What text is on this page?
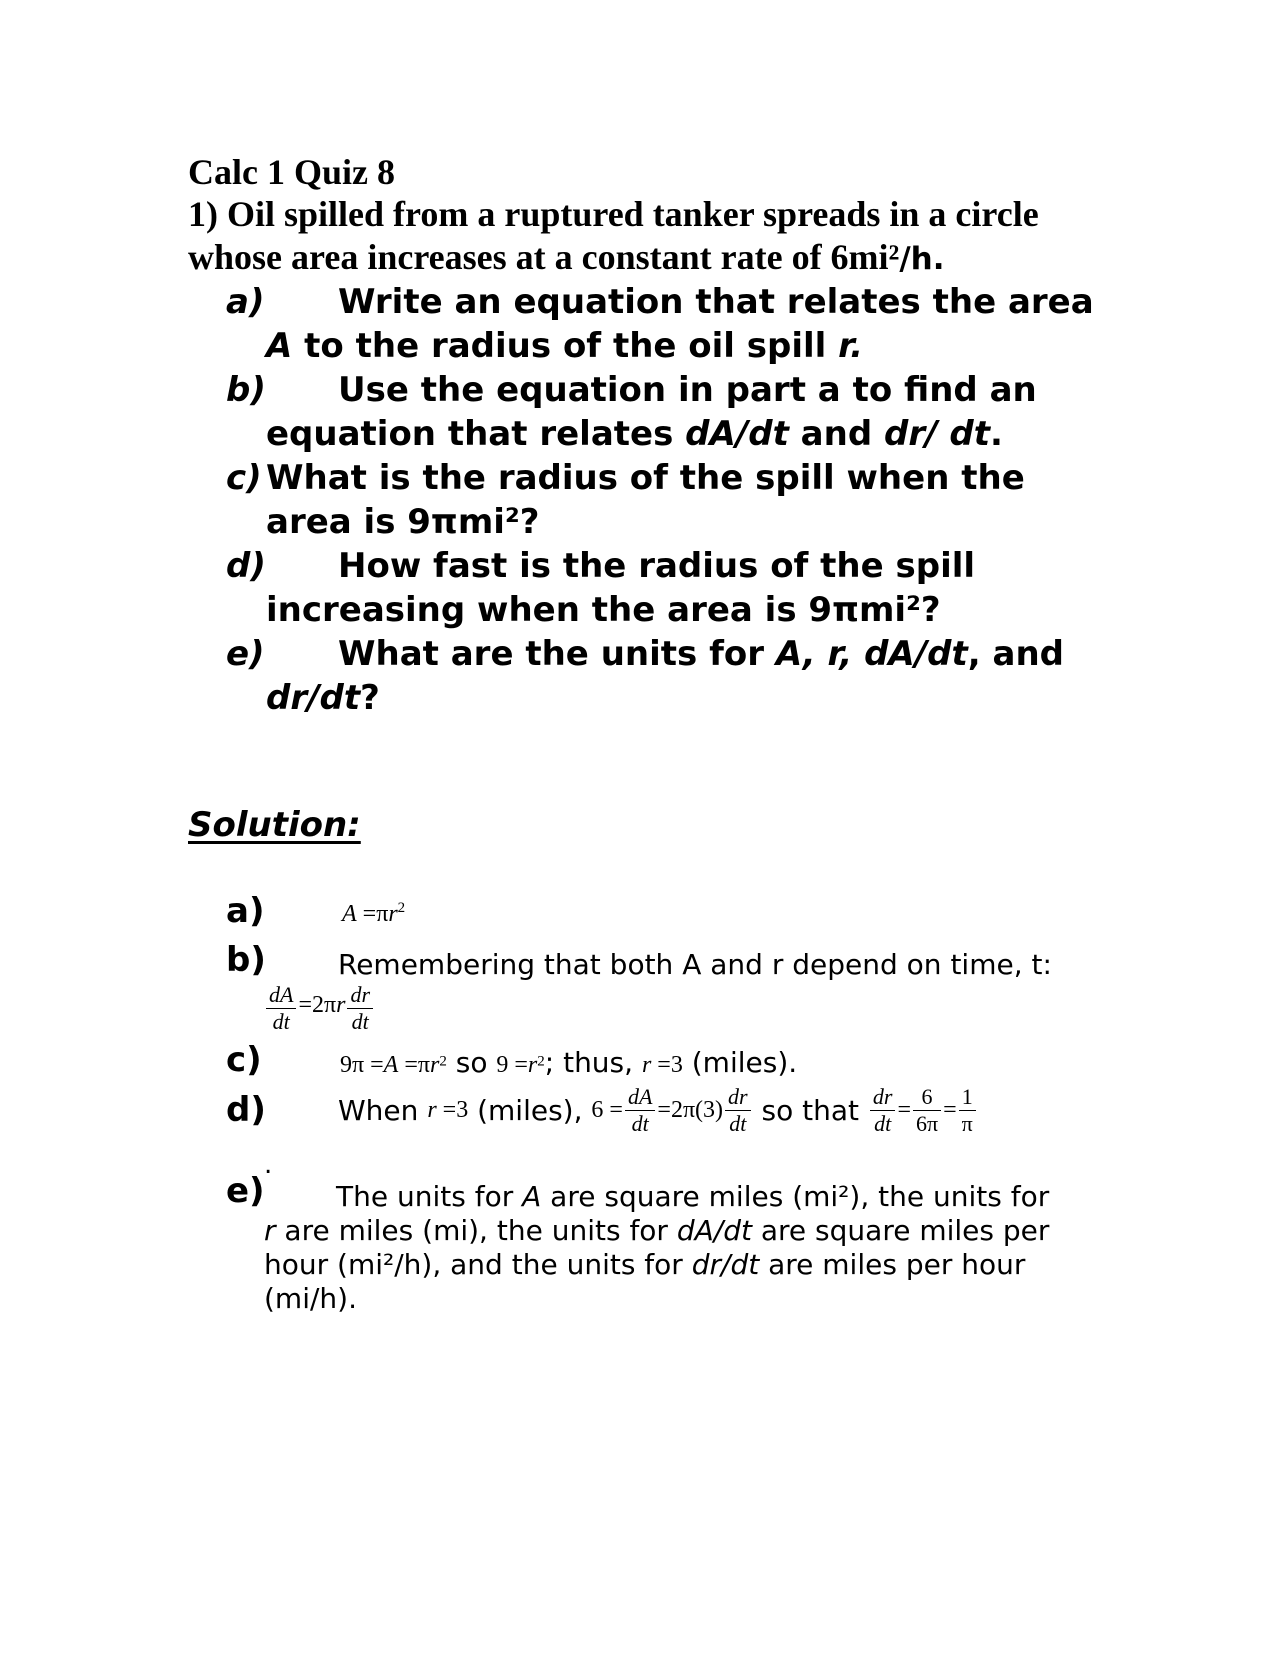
Calc 1 Quiz 8
1) Oil spilled from a ruptured tanker spreads in a circle whose area increases at a constant rate of 6mi²/h.
a)	Write an equation that relates the area A to the radius of the oil spill r.
b)	Use the equation in part a to find an equation that relates dA/dt and dr/ dt.
c) What is the radius of the spill when the area is 9πmi²?
d)	How fast is the radius of the spill increasing when the area is 9πmi²?
e)	What are the units for A, r, dA/dt, and dr/dt?
Solution:
a)	$A =\pi r^2$
b)	Remembering that both A and r depend on time, t:
$\frac{dA}{dt} =2\pi r \frac{dr}{dt}$
c)	$9\pi =A =\pi r^2$ so $9 =r^2$; thus, r =3 (miles).
d)	When r =3 (miles), $6 = \frac{dA}{dt} =2\pi(3) \frac{dr}{dt}$ so that $\frac{dr}{dt} = \frac{6}{6\pi} = \frac{1}{\pi}$
.
e)	The units for A are square miles (mi²), the units for
r are miles (mi), the units for dA/dt are square miles per
hour (mi²/h), and the units for dr/dt are miles per hour
(mi/h).
